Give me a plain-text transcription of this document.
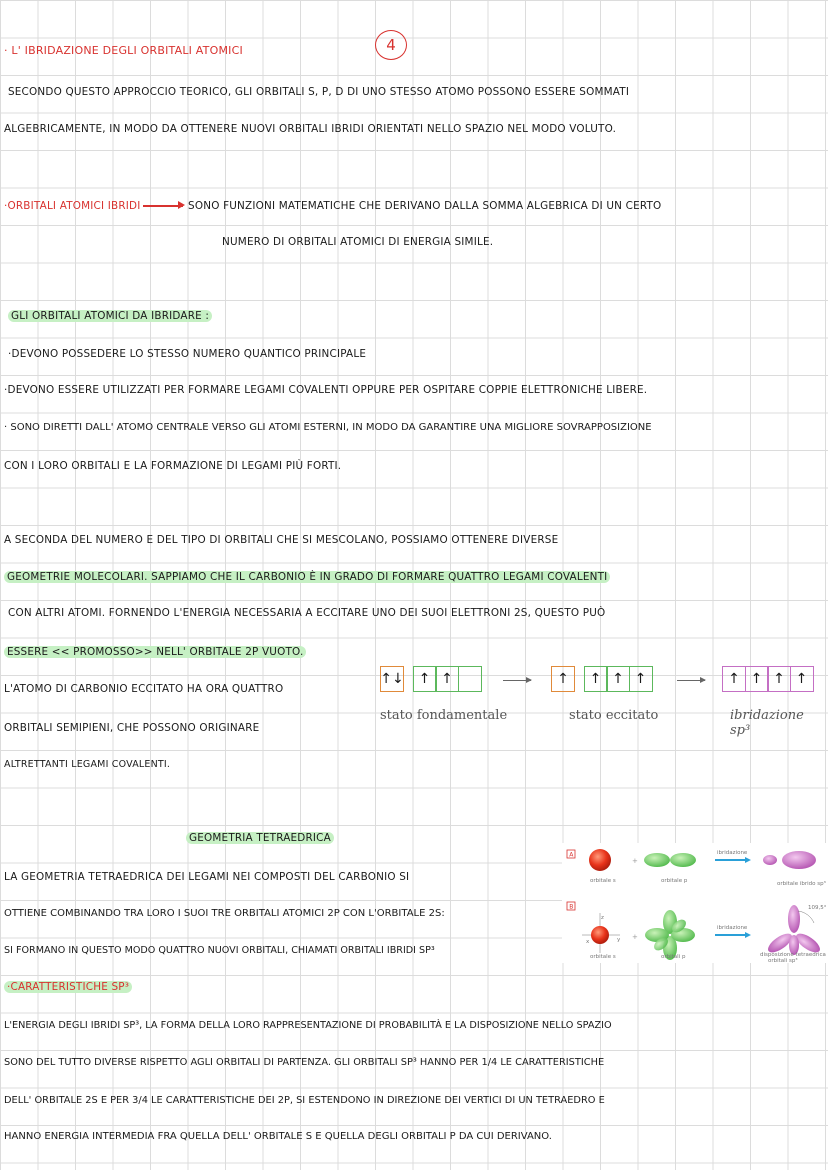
· L' IBRIDAZIONE DEGLI ORBITALI ATOMICI	4
SECONDO QUESTO APPROCCIO TEORICO, GLI ORBITALI S, P, D DI UNO STESSO ATOMO POSSONO ESSERE SOMMATI
ALGEBRICAMENTE, IN MODO DA OTTENERE NUOVI ORBITALI IBRIDI ORIENTATI NELLO SPAZIO NEL MODO VOLUTO.
·ORBITALI ATOMICI IBRIDI	SONO FUNZIONI MATEMATICHE CHE DERIVANO DALLA SOMMA ALGEBRICA DI UN CERTO
NUMERO DI ORBITALI ATOMICI DI ENERGIA SIMILE.
GLI ORBITALI ATOMICI DA IBRIDARE :
·DEVONO POSSEDERE LO STESSO NUMERO QUANTICO PRINCIPALE
·DEVONO ESSERE UTILIZZATI PER FORMARE LEGAMI COVALENTI OPPURE PER OSPITARE COPPIE ELETTRONICHE LIBERE.
· SONO DIRETTI DALL' ATOMO CENTRALE VERSO GLI ATOMI ESTERNI, IN MODO DA GARANTIRE UNA MIGLIORE SOVRAPPOSIZIONE
CON I LORO ORBITALI E LA FORMAZIONE DI LEGAMI PIÙ FORTI.
A SECONDA DEL NUMERO E DEL TIPO DI ORBITALI CHE SI MESCOLANO, POSSIAMO OTTENERE DIVERSE
GEOMETRIE MOLECOLARI. SAPPIAMO CHE IL CARBONIO È IN GRADO DI FORMARE QUATTRO LEGAMI COVALENTI
CON ALTRI ATOMI. FORNENDO L'ENERGIA NECESSARIA A ECCITARE UNO DEI SUOI ELETTRONI 2S, QUESTO PUÒ
ESSERE << PROMOSSO>> NELL' ORBITALE 2P VUOTO.
L'ATOMO DI CARBONIO ECCITATO HA ORA QUATTRO
ORBITALI SEMIPIENI, CHE POSSONO ORIGINARE
ALTRETTANTI LEGAMI COVALENTI.
↑↓	↑ ↑	↑	↑ ↑ ↑	↑ ↑ ↑ ↑
stato fondamentale	stato eccitato	ibridazione sp³
GEOMETRIA TETRAEDRICA
LA GEOMETRIA TETRAEDRICA DEI LEGAMI NEI COMPOSTI DEL CARBONIO SI
OTTIENE COMBINANDO TRA LORO I SUOI TRE ORBITALI ATOMICI 2P CON L'ORBITALE 2S:
SI FORMANO IN QUESTO MODO QUATTRO NUOVI ORBITALI, CHIAMATI ORBITALI IBRIDI SP³
·CARATTERISTICHE SP³
L'ENERGIA DEGLI IBRIDI SP³, LA FORMA DELLA LORO RAPPRESENTAZIONE DI PROBABILITÀ E LA DISPOSIZIONE NELLO SPAZIO
SONO DEL TUTTO DIVERSE RISPETTO AGLI ORBITALI DI PARTENZA. GLI ORBITALI SP³ HANNO PER 1/4 LE CARATTERISTICHE
DELL' ORBITALE 2S E PER 3/4 LE CARATTERISTICHE DEI 2P, SI ESTENDONO IN DIREZIONE DEI VERTICI DI UN TETRAEDRO E
HANNO ENERGIA INTERMEDIA FRA QUELLA DELL' ORBITALE S E QUELLA DEGLI ORBITALI P DA CUI DERIVANO.
A
+
ibridazione
orbitale s	orbitale p	orbitale ibrido sp³
B
z
y
x
+
ibridazione
109,5°
orbitale s	orbitali p	disposizione tetraedrica
orbitali sp³
